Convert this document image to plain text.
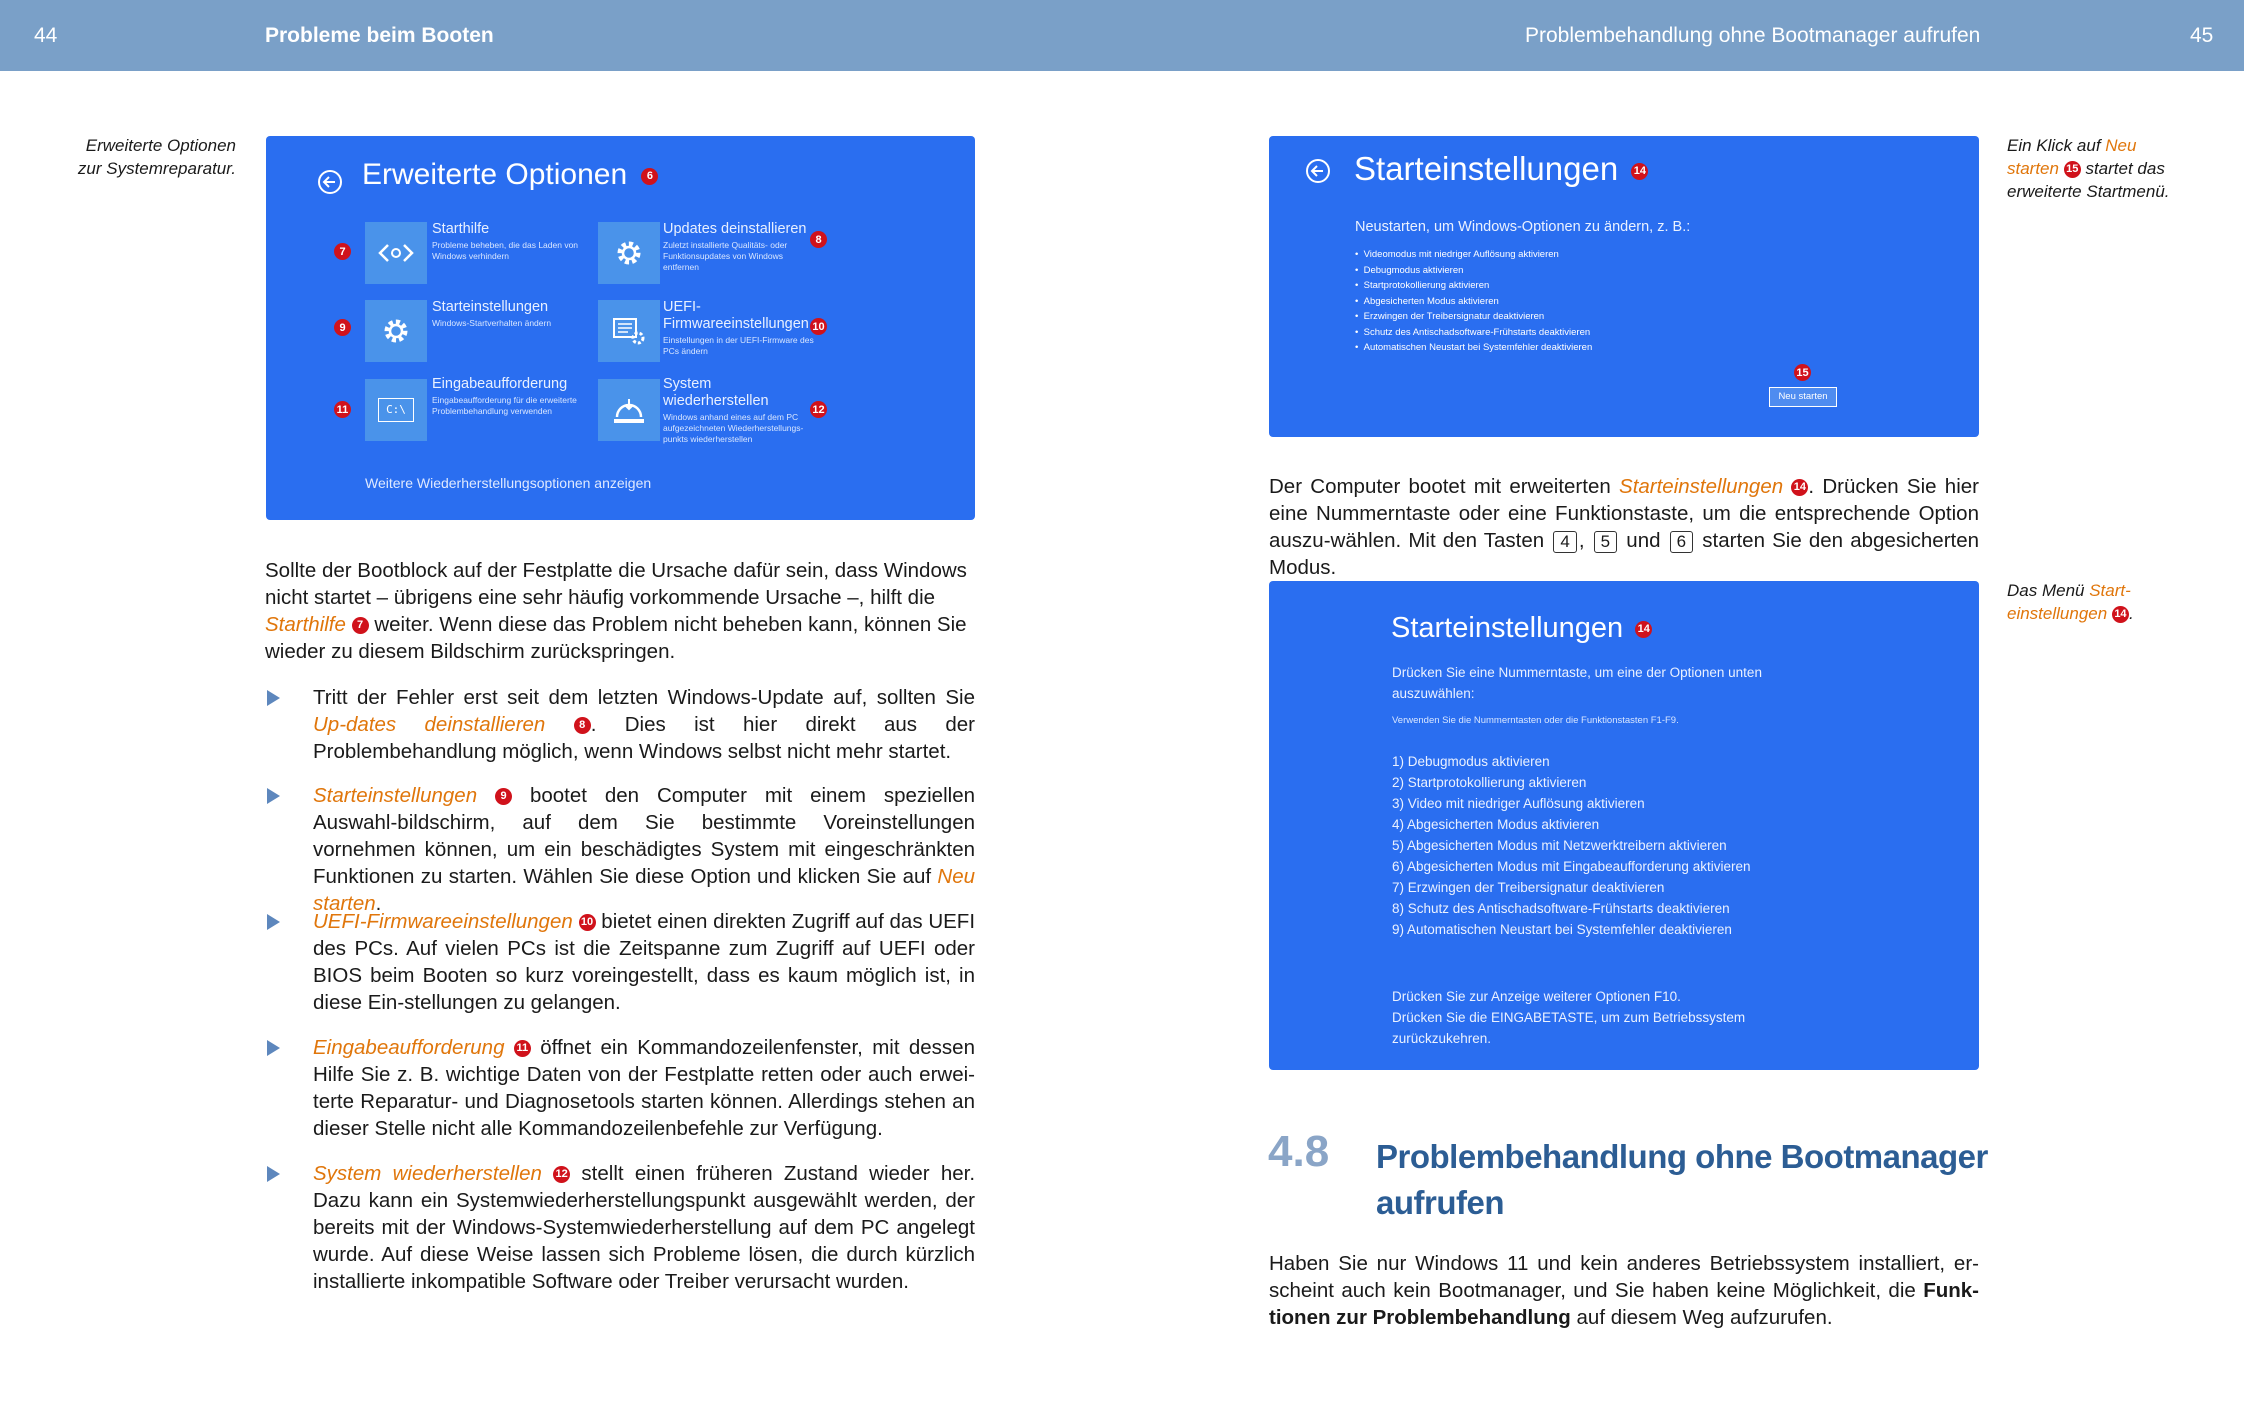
44	Probleme beim Booten	Problembehandlung ohne Bootmanager aufrufen	45
Erweiterte Optionen
zur Systemreparatur.	Erweiterte Optionen 6
7
Starthilfe
Probleme beheben, die das Laden von
Windows verhindern
8
Updates deinstallieren
Zuletzt installierte Qualitäts- oder
Funktionsupdates von Windows
entfernen
9
Starteinstellungen
Windows-Startverhalten ändern	10
UEFI-
Firmwareeinstellungen
Einstellungen in der UEFI-Firmware des
PCs ändern
11	C:\
Eingabeaufforderung
Eingabeaufforderung für die erweiterte
Problembehandlung verwenden	12
System
wiederherstellen
Windows anhand eines auf dem PC
aufgezeichneten Wiederherstellungs-
punkts wiederherstellen
Weitere Wiederherstellungsoptionen anzeigen
Sollte der Bootblock auf der Festplatte die Ursache dafür sein, dass Windows
nicht startet – übrigens eine sehr häufig vorkommende Ursache –, hilft die
Starthilfe 7 weiter. Wenn diese das Problem nicht beheben kann, können Sie
wieder zu diesem Bildschirm zurückspringen.
Tritt der Fehler erst seit dem letzten Windows-Update auf, sollten Sie Up-dates deinstallieren	8 . Dies ist hier direkt aus der Problembehandlung möglich, wenn Windows selbst nicht mehr startet.
Starteinstellungen 9 bootet den Computer mit einem speziellen Auswahl-bildschirm, auf dem Sie bestimmte Voreinstellungen vornehmen können, um ein beschädigtes System mit eingeschränkten Funktionen zu starten. Wählen Sie diese Option und klicken Sie auf Neu starten.
UEFI-Firmwareeinstellungen 10 bietet einen direkten Zugriff auf das UEFI des PCs. Auf vielen PCs ist die Zeitspanne zum Zugriff auf UEFI oder BIOS beim Booten so kurz voreingestellt, dass es kaum möglich ist, in diese Ein-stellungen zu gelangen.
Eingabeaufforderung 11 öffnet ein Kommandozeilenfenster, mit dessen Hilfe Sie z. B. wichtige Daten von der Festplatte retten oder auch erwei-terte Reparatur- und Diagnosetools starten können. Allerdings stehen an dieser Stelle nicht alle Kommandozeilenbefehle zur Verfügung.
System wiederherstellen 12 stellt einen früheren Zustand wieder her. Dazu kann ein Systemwiederherstellungspunkt ausgewählt werden, der bereits mit der Windows-Systemwiederherstellung auf dem PC angelegt wurde. Auf diese Weise lassen sich Probleme lösen, die durch kürzlich installierte inkompatible Software oder Treiber verursacht wurden.
Ein Klick auf Neu
starten 15 startet das
erweiterte Startmenü.
Starteinstellungen 14
Neustarten, um Windows-Optionen zu ändern, z. B.:
•  Videomodus mit niedriger Auflösung aktivieren
•  Debugmodus aktivieren
•  Startprotokollierung aktivieren
•  Abgesicherten Modus aktivieren
•  Erzwingen der Treibersignatur deaktivieren
•  Schutz des Antischadsoftware-Frühstarts deaktivieren
•  Automatischen Neustart bei Systemfehler deaktivieren
15
Neu starten
Der Computer bootet mit erweiterten Starteinstellungen 14 . Drücken Sie hier eine Nummerntaste oder eine Funktionstaste, um die entsprechende Option auszu-wählen. Mit den Tasten 4 , 5 und 6 starten Sie den abgesicherten Modus.
Das Menü Start-
einstellungen 14 .
Starteinstellungen 14
Drücken Sie eine Nummerntaste, um eine der Optionen unten
auszuwählen:
Verwenden Sie die Nummerntasten oder die Funktionstasten F1-F9.
1) Debugmodus aktivieren
2) Startprotokollierung aktivieren
3) Video mit niedriger Auflösung aktivieren
4) Abgesicherten Modus aktivieren
5) Abgesicherten Modus mit Netzwerktreibern aktivieren
6) Abgesicherten Modus mit Eingabeaufforderung aktivieren
7) Erzwingen der Treibersignatur deaktivieren
8) Schutz des Antischadsoftware-Frühstarts deaktivieren
9) Automatischen Neustart bei Systemfehler deaktivieren
Drücken Sie zur Anzeige weiterer Optionen F10.
Drücken Sie die EINGABETASTE, um zum Betriebssystem
zurückzukehren.
4.8 Problembehandlung ohne Bootmanager
aufrufen
Haben Sie nur Windows 11 und kein anderes Betriebssystem installiert, er-scheint auch kein Bootmanager, und Sie haben keine Möglichkeit, die Funk-tionen zur Problembehandlung auf diesem Weg aufzurufen.
